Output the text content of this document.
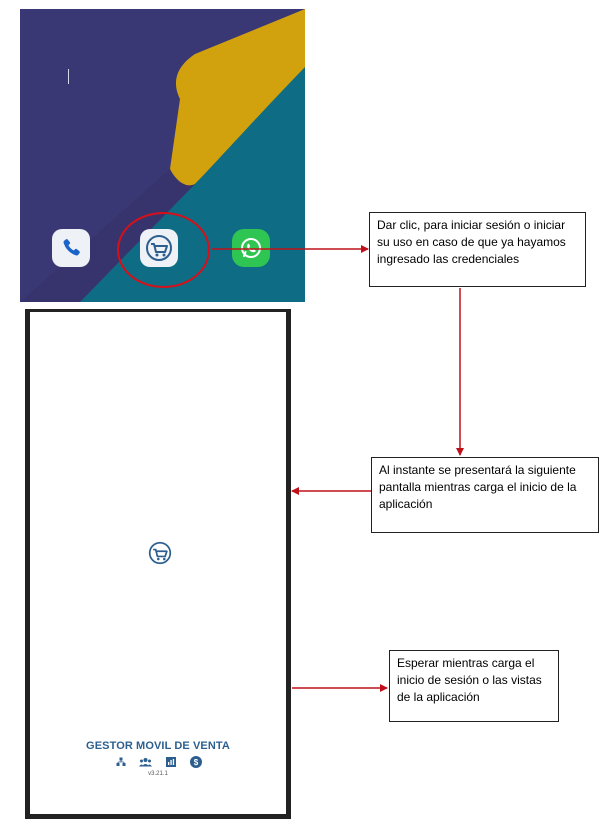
GESTOR MOVIL DE VENTA
$
v3.21.1
Dar clic, para iniciar sesión o iniciar su uso en caso de que ya hayamos ingresado las credenciales
Al instante se presentará la siguiente pantalla mientras carga el inicio de la aplicación
Esperar mientras carga el inicio de sesión o las vistas de la aplicación
